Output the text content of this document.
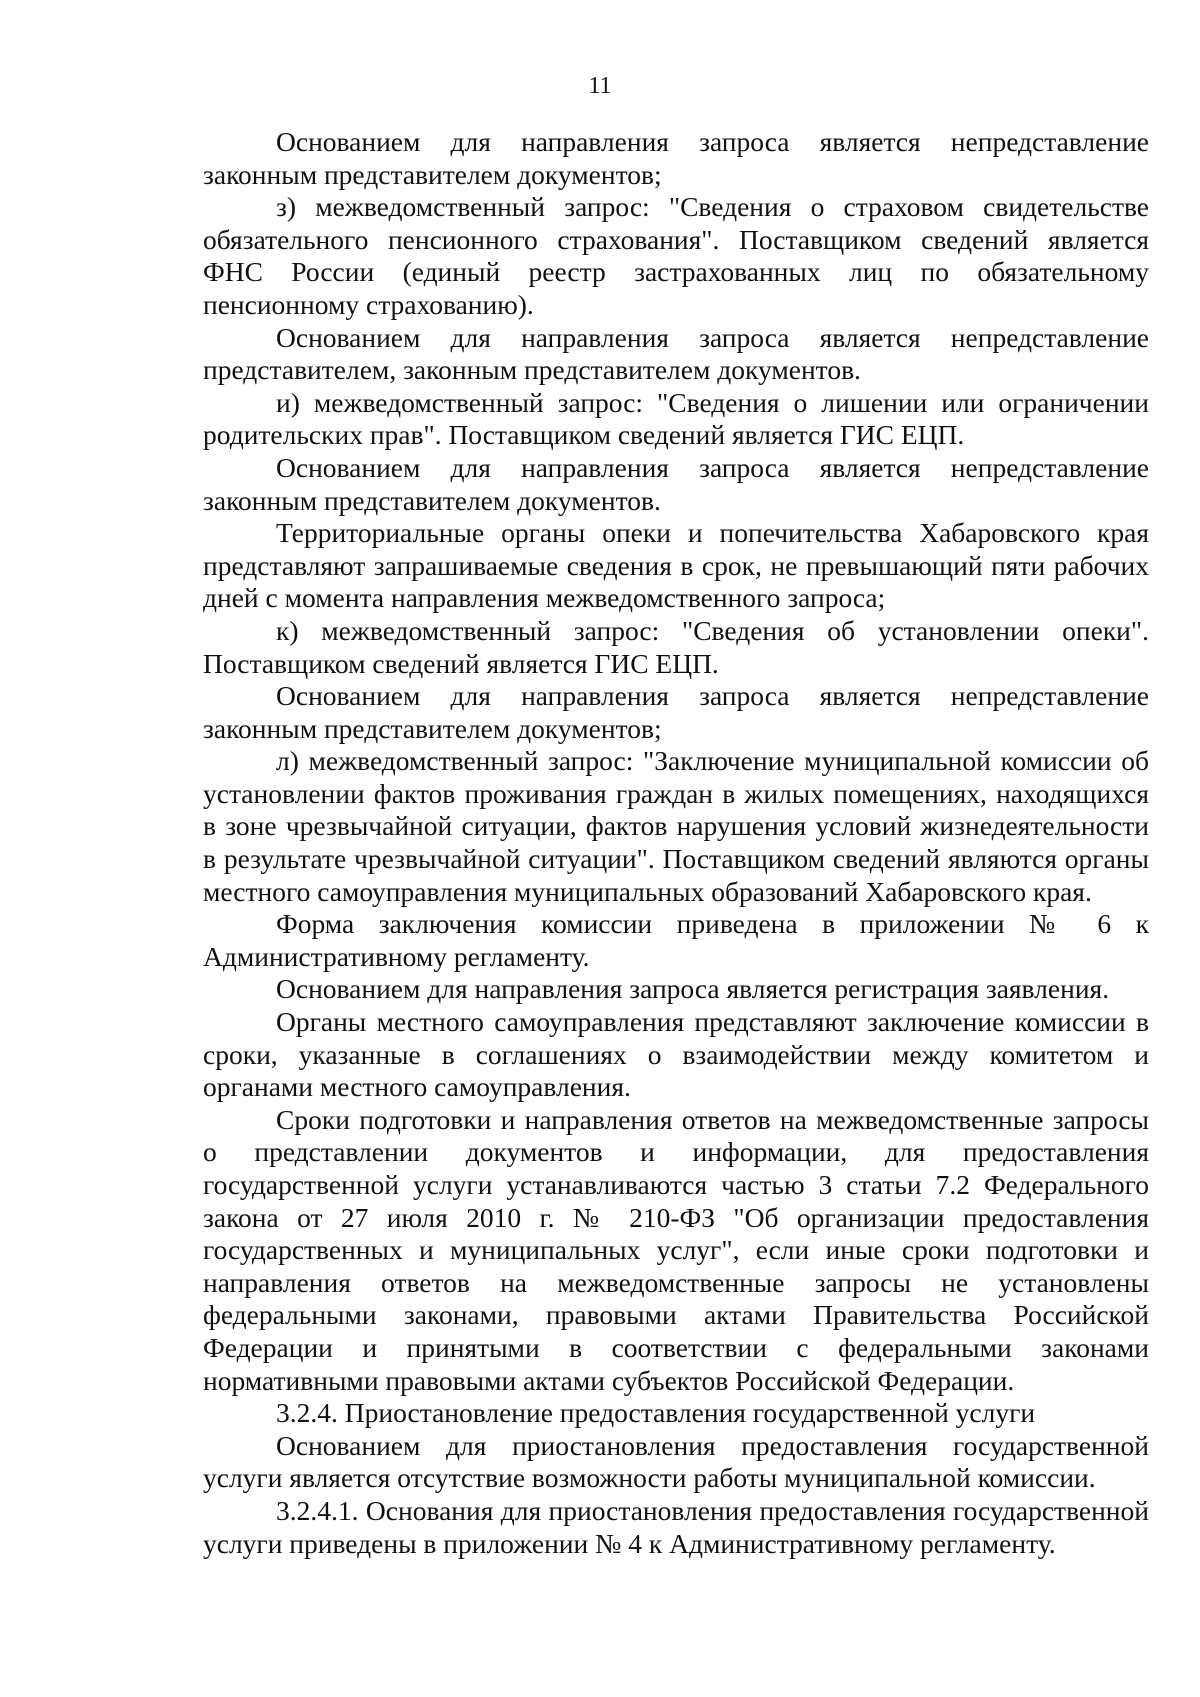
11

Основанием для направления запроса является непредставление законным представителем документов;

з) межведомственный запрос: "Сведения о страховом свидетельстве обязательного пенсионного страхования". Поставщиком сведений является ФНС России (единый реестр застрахованных лиц по обязательному пенсионному страхованию).

Основанием для направления запроса является непредставление представителем, законным представителем документов.

и) межведомственный запрос: "Сведения о лишении или ограничении родительских прав". Поставщиком сведений является ГИС ЕЦП.

Основанием для направления запроса является непредставление законным представителем документов.

Территориальные органы опеки и попечительства Хабаровского края представляют запрашиваемые сведения в срок, не превышающий пяти рабочих дней с момента направления межведомственного запроса;

к) межведомственный запрос: "Сведения об установлении опеки". Поставщиком сведений является ГИС ЕЦП.

Основанием для направления запроса является непредставление законным представителем документов;

л) межведомственный запрос: "Заключение муниципальной комиссии об установлении фактов проживания граждан в жилых помещениях, находящихся в зоне чрезвычайной ситуации, фактов нарушения условий жизнедеятельности в результате чрезвычайной ситуации". Поставщиком сведений являются органы местного самоуправления муниципальных образований Хабаровского края.

Форма заключения комиссии приведена в приложении № 6 к Административному регламенту.

Основанием для направления запроса является регистрация заявления.

Органы местного самоуправления представляют заключение комиссии в сроки, указанные в соглашениях о взаимодействии между комитетом и органами местного самоуправления.

Сроки подготовки и направления ответов на межведомственные запросы о представлении документов и информации, для предоставления государственной услуги устанавливаются частью 3 статьи 7.2 Федерального закона от 27 июля 2010 г. № 210-ФЗ "Об организации предоставления государственных и муниципальных услуг", если иные сроки подготовки и направления ответов на межведомственные запросы не установлены федеральными законами, правовыми актами Правительства Российской Федерации и принятыми в соответствии с федеральными законами нормативными правовыми актами субъектов Российской Федерации.

3.2.4. Приостановление предоставления государственной услуги

Основанием для приостановления предоставления государственной услуги является отсутствие возможности работы муниципальной комиссии.

3.2.4.1. Основания для приостановления предоставления государственной услуги приведены в приложении № 4 к Административному регламенту.
